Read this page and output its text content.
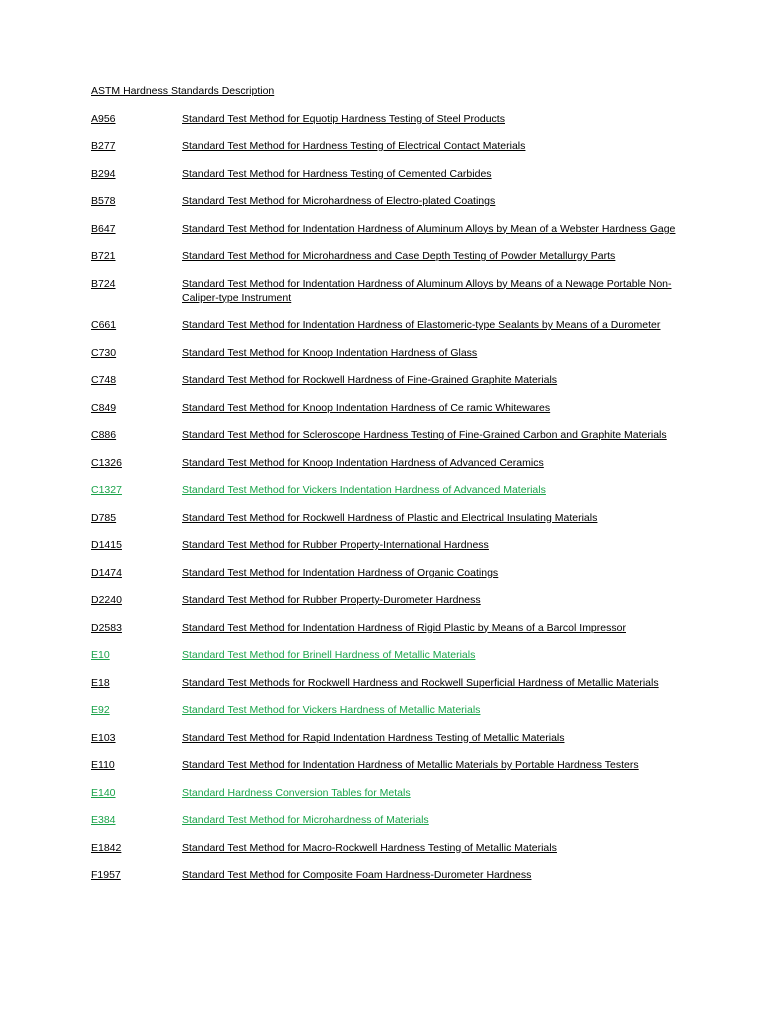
ASTM Hardness Standards Description
A956	Standard Test Method for Equotip Hardness Testing of Steel Products
B277	Standard Test Method for Hardness Testing of Electrical Contact Materials
B294	Standard Test Method for Hardness Testing of Cemented Carbides
B578	Standard Test Method for Microhardness of Electro-plated Coatings
B647	Standard Test Method for Indentation Hardness of Aluminum Alloys by Mean of a Webster Hardness Gage
B721	Standard Test Method for Microhardness and Case Depth Testing of Powder Metallurgy Parts
B724	Standard Test Method for Indentation Hardness of Aluminum Alloys by Means of a Newage Portable Non-Caliper-type Instrument
C661	Standard Test Method for Indentation Hardness of Elastomeric-type Sealants by Means of a Durometer
C730	Standard Test Method for Knoop Indentation Hardness of Glass
C748	Standard Test Method for Rockwell Hardness of Fine-Grained Graphite Materials
C849	Standard Test Method for Knoop Indentation Hardness of Ce ramic Whitewares
C886	Standard Test Method for Scleroscope Hardness Testing of Fine-Grained Carbon and Graphite Materials
C1326	Standard Test Method for Knoop Indentation Hardness of Advanced Ceramics
C1327	Standard Test Method for Vickers Indentation Hardness of Advanced Materials
D785	Standard Test Method for Rockwell Hardness of Plastic and Electrical Insulating Materials
D1415	Standard Test Method for Rubber Property-International Hardness
D1474	Standard Test Method for Indentation Hardness of Organic Coatings
D2240	Standard Test Method for Rubber Property-Durometer Hardness
D2583	Standard Test Method for Indentation Hardness of Rigid Plastic by Means of a Barcol Impressor
E10	Standard Test Method for Brinell Hardness of Metallic Materials
E18	Standard Test Methods for Rockwell Hardness and Rockwell Superficial Hardness of Metallic Materials
E92	Standard Test Method for Vickers Hardness of Metallic Materials
E103	Standard Test Method for Rapid Indentation Hardness Testing of Metallic Materials
E110	Standard Test Method for Indentation Hardness of Metallic Materials by Portable Hardness Testers
E140	Standard Hardness Conversion Tables for Metals
E384	Standard Test Method for Microhardness of Materials
E1842	Standard Test Method for Macro-Rockwell Hardness Testing of Metallic Materials
F1957	Standard Test Method for Composite Foam Hardness-Durometer Hardness
